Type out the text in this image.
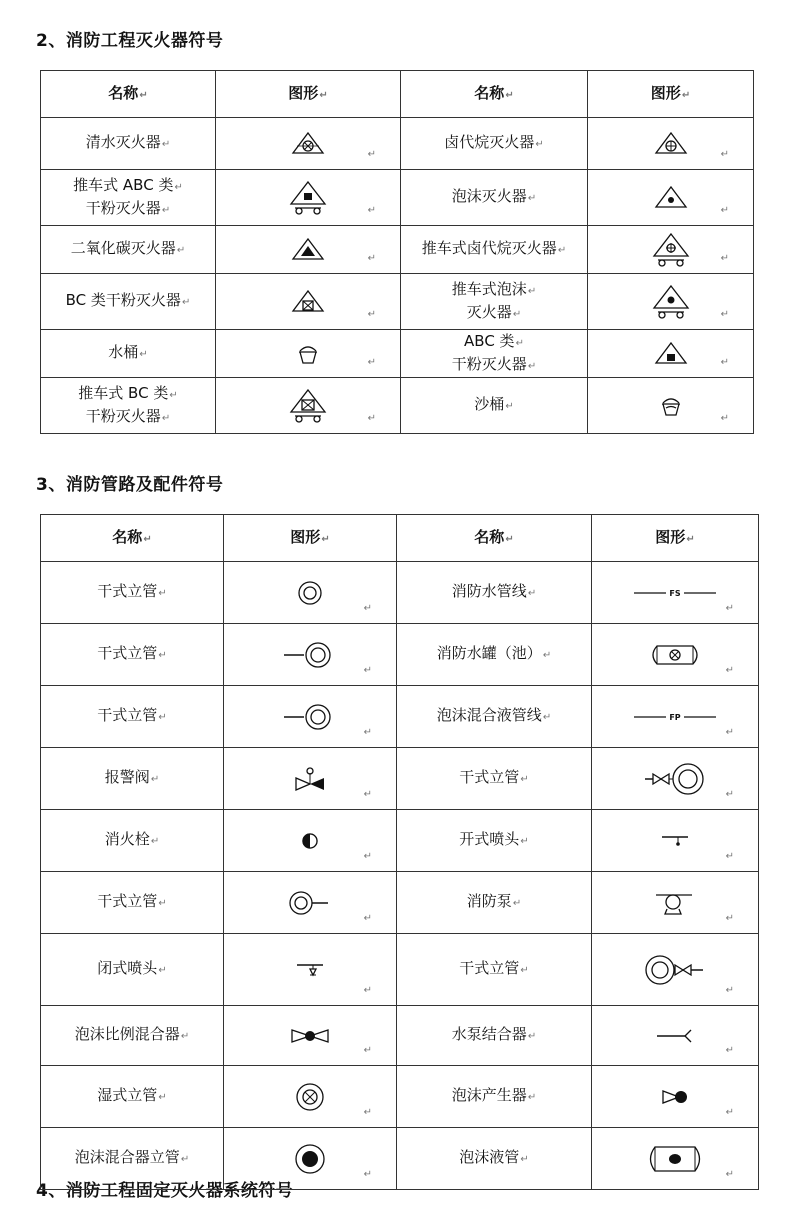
2、消防工程灭火器符号
3、消防管路及配件符号
4、消防工程固定灭火器系统符号
名称↵	图形↵	名称↵	图形↵

清水灭火器↵	↵	卤代烷灭火器↵	↵

推车式 ABC 类↵
干粉灭火器↵	↵	泡沫灭火器↵	↵

二氧化碳灭火器↵	↵	推车式卤代烷灭火器↵	↵

BC 类干粉灭火器↵	↵	推车式泡沫↵
灭火器↵	↵

水桶↵	↵	ABC 类↵
干粉灭火器↵	↵

推车式 BC 类↵
干粉灭火器↵	↵	沙桶↵	↵
名称↵	图形↵	名称↵	图形↵

干式立管↵	↵	消防水管线↵	FS
↵

干式立管↵	↵	消防水罐（池）↵	↵

干式立管↵	↵	泡沫混合液管线↵	FP
↵

报警阀↵	↵	干式立管↵	↵

消火栓↵	↵	开式喷头↵	↵

干式立管↵	↵	消防泵↵	↵

闭式喷头↵	↵	干式立管↵	↵

泡沫比例混合器↵	↵	水泵结合器↵	↵

湿式立管↵	↵	泡沫产生器↵	↵

泡沫混合器立管↵	↵	泡沫液管↵	↵
